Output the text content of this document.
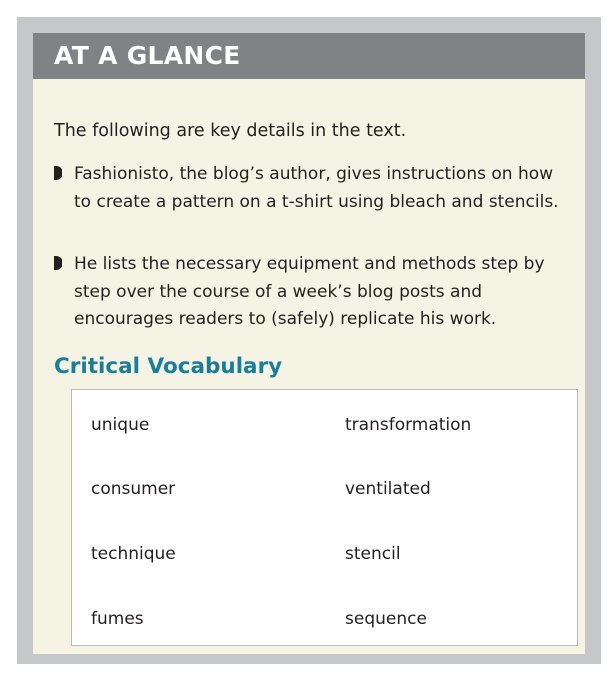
AT A GLANCE
The following are key details in the text.
Fashionisto, the blog’s author, gives instructions on how to create a pattern on a t-shirt using bleach and stencils.
He lists the necessary equipment and methods step by step over the course of a week’s blog posts and encourages readers to (safely) replicate his work.
Critical Vocabulary
unique	transformation
consumer	ventilated
technique	stencil
fumes	sequence
